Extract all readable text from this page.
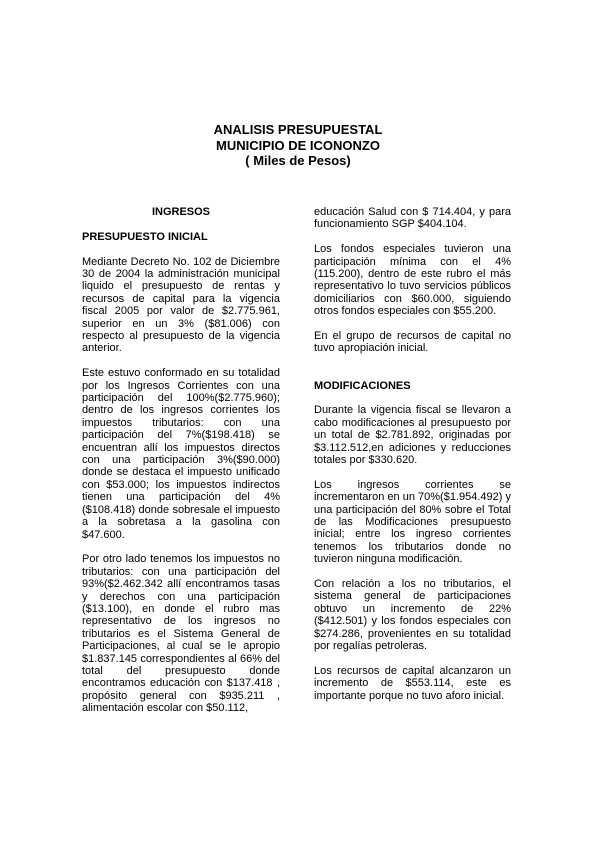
ANALISIS PRESUPUESTAL
MUNICIPIO DE ICONONZO
( Miles de Pesos)
INGRESOS
PRESUPUESTO INICIAL

Mediante Decreto No. 102 de Diciembre 30 de 2004 la administración municipal liquido el presupuesto de rentas y recursos de capital para la vigencia fiscal 2005 por valor de $2.775.961, superior en un 3% ($81.006) con respecto al presupuesto de la vigencia anterior.

Este estuvo conformado en su totalidad por los Ingresos Corrientes con una participación del 100%($2.775.960); dentro de los ingresos corrientes los impuestos tributarios: con una participación del 7%($198.418) se encuentran allí los impuestos directos con una participación 3%($90.000) donde se destaca el impuesto unificado con $53.000; los impuestos indirectos tienen una participación del 4%($108.418) donde sobresale el impuesto a la sobretasa a la gasolina con $47.600.

Por otro lado tenemos los impuestos no tributarios: con una participación del 93%($2.462.342 allí encontramos tasas y derechos con una participación ($13.100), en donde el rubro mas representativo de los ingresos no tributarios es el Sistema General de Participaciones, al cual se le apropio $1.837.145 correspondientes al 66% del total del presupuesto donde encontramos educación con $137.418 , propósito general con $935.211 , alimentación escolar con $50.112,

educación Salud con $ 714.404, y para funcionamiento SGP $404.104.

Los fondos especiales tuvieron una participación mínima con el 4% (115.200), dentro de este rubro el más representativo lo tuvo servicios públicos domiciliarios con $60.000, siguiendo otros fondos especiales con $55.200.

En el grupo de recursos de capital no tuvo apropiación inicial.

MODIFICACIONES

Durante la vigencia fiscal se llevaron a cabo modificaciones al presupuesto por un total de $2.781.892, originadas por $3.112.512,en adiciones y reducciones totales por $330.620.

Los ingresos corrientes se incrementaron en un 70%($1.954.492) y una participación del 80% sobre el Total de las Modificaciones presupuesto inicial; entre los ingreso corrientes tenemos los tributarios donde no tuvieron ninguna modificación.

Con relación a los no tributarios, el sistema general de participaciones obtuvo un incremento de 22%($412.501) y los fondos especiales con $274.286, provenientes en su totalidad por regalías petroleras.

Los recursos de capital alcanzaron un incremento de $553.114, este es importante porque no tuvo aforo inicial.
